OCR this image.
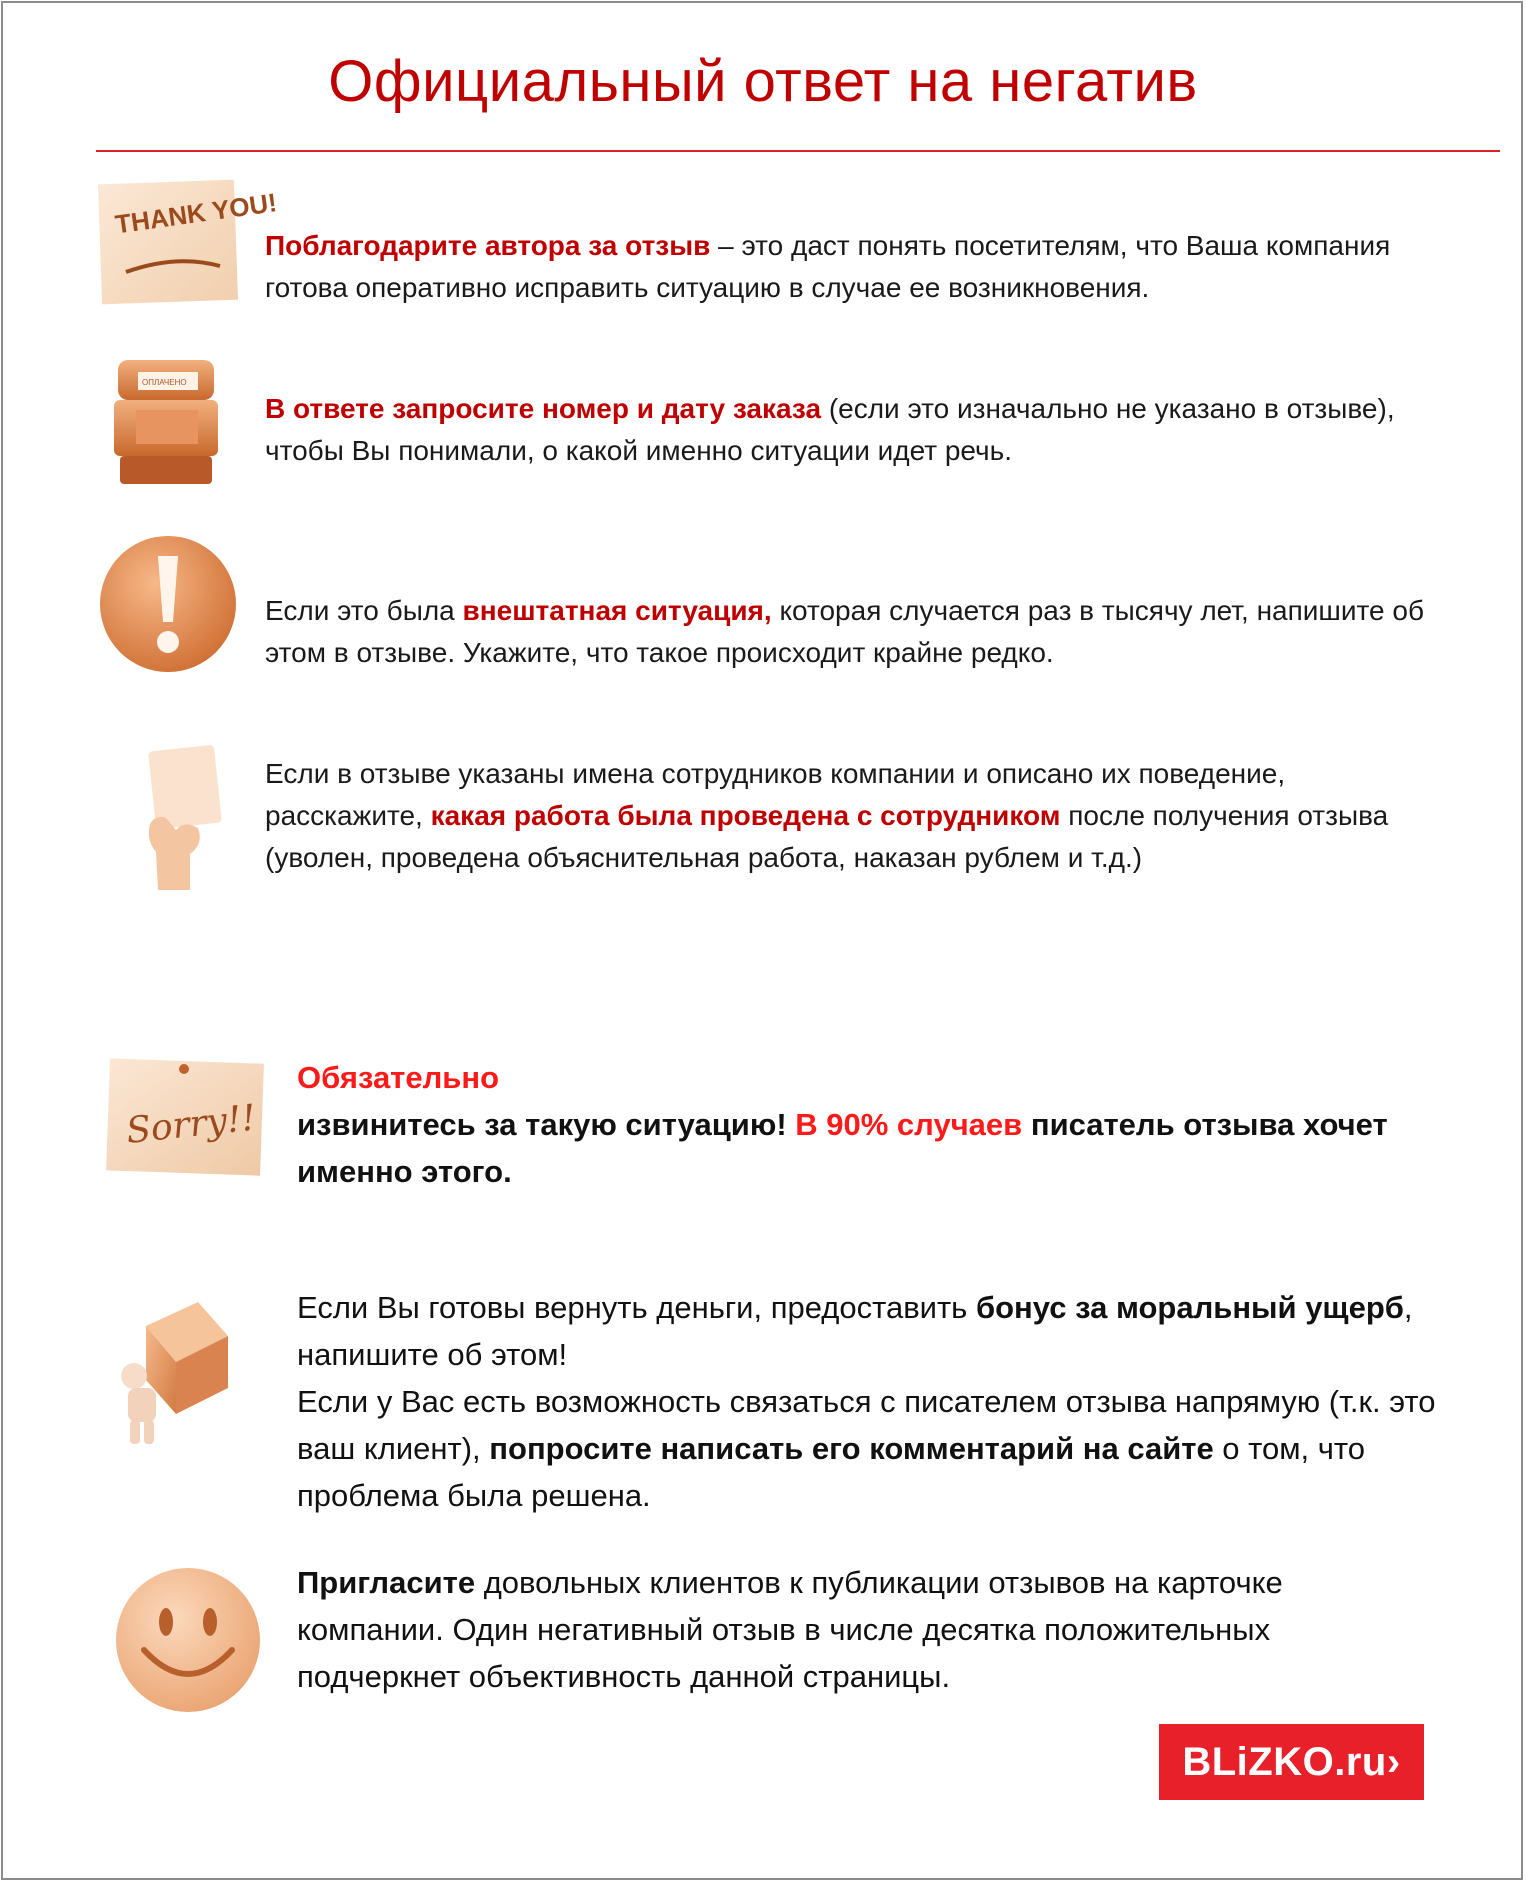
Официальный ответ на негатив
THANK YOU!
Поблагодарите автора за отзыв – это даст понять посетителям, что Ваша компания готова оперативно исправить ситуацию в случае ее возникновения.
ОПЛАЧЕНО
В ответе запросите номер и дату заказа (если это изначально не указано в отзыве), чтобы Вы понимали, о какой именно ситуации идет речь.
Если это была внештатная ситуация, которая случается раз в тысячу лет, напишите об этом в отзыве. Укажите, что такое происходит крайне редко.
Если в отзыве указаны имена сотрудников компании и описано их поведение, расскажите, какая работа была проведена с сотрудником после получения отзыва (уволен, проведена объяснительная работа, наказан рублем и т.д.)
Sorry!!
Обязательно
извинитесь за такую ситуацию! В 90% случаев писатель отзыва хочет именно этого.
Если Вы готовы вернуть деньги, предоставить бонус за моральный ущерб, напишите об этом!
Если у Вас есть возможность связаться с писателем отзыва напрямую (т.к. это ваш клиент), попросите написать его комментарий на сайте о том, что проблема была решена.
Пригласите довольных клиентов к публикации отзывов на карточке компании. Один негативный отзыв в числе десятка положительных подчеркнет объективность данной страницы.
BLiZKO.ru›
